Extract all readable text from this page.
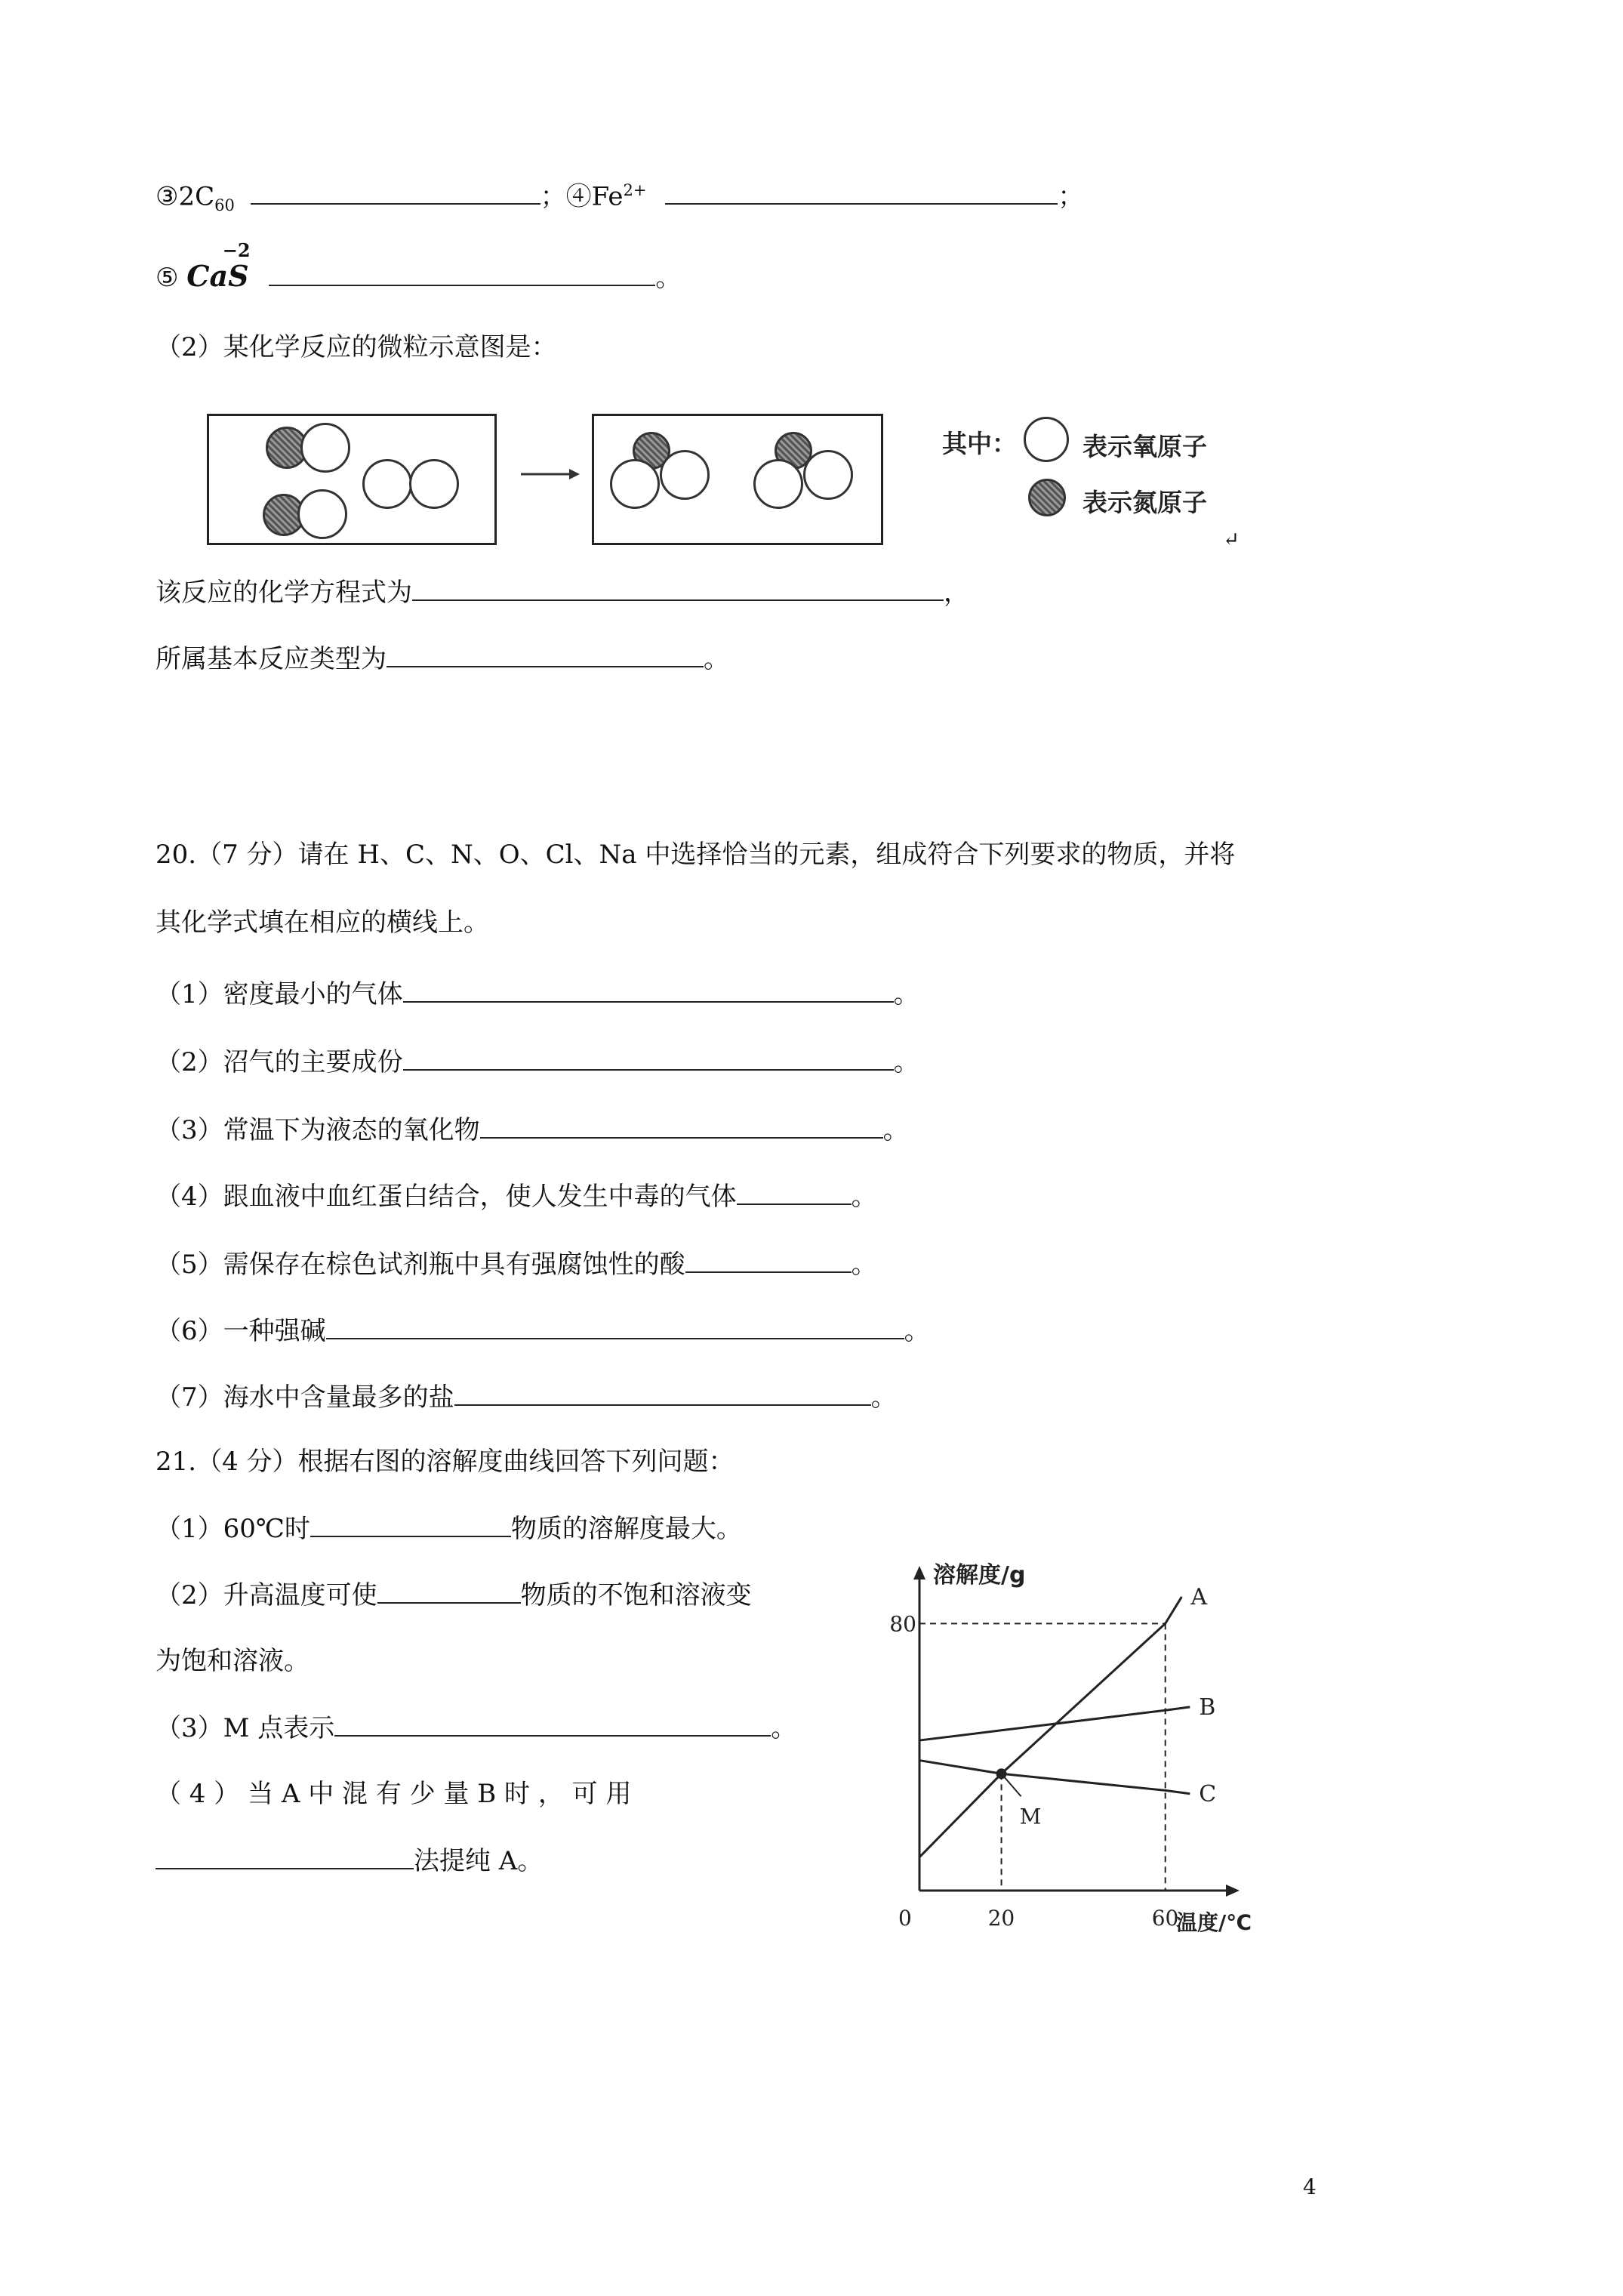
$③2C_{60}$	；$④Fe^{2+}$	；
⑤ CaS
−2
。
（2）某化学反应的微粒示意图是：
其中：	表示氧原子
表示氮原子
↵
该反应的化学方程式为	，
所属基本反应类型为	。
20.（7 分）请在 H、C、N、O、Cl、Na 中选择恰当的元素，组成符合下列要求的物质，并将
其化学式填在相应的横线上。
（1）密度最小的气体	。
（2）沼气的主要成份	。
（3）常温下为液态的氧化物	。
（4）跟血液中血红蛋白结合，使人发生中毒的气体	。
（5）需保存在棕色试剂瓶中具有强腐蚀性的酸	。
（6）一种强碱	。
（7）海水中含量最多的盐	。
21.（4 分）根据右图的溶解度曲线回答下列问题：
（1）60℃时	物质的溶解度最大。
（2）升高温度可使	物质的不饱和溶液变
为饱和溶液。
（3）M 点表示	。
（ 4 ） 当 A 中 混 有 少 量 B 时 ， 可 用
法提纯 A。
溶解度/g
温度/℃
0	20	60
80
A
B
C
M
4
